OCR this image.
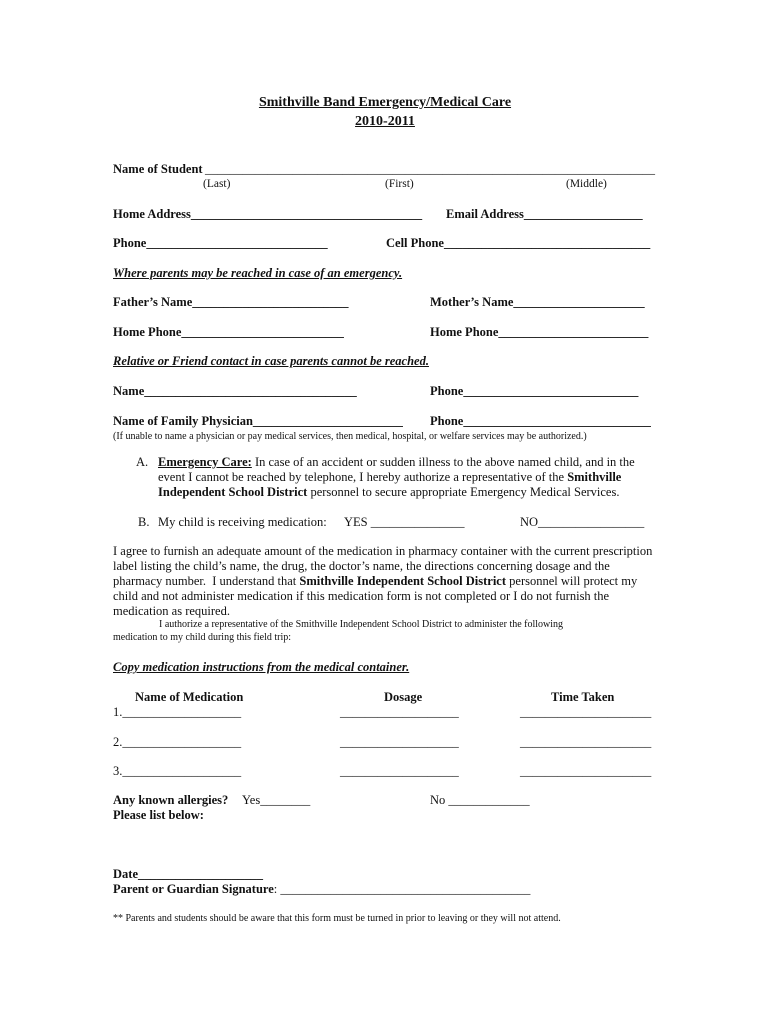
Smithville Band Emergency/Medical Care
2010-2011
Name of Student ________________________________________________________________________
(Last)	(First)	(Middle)
Home Address_____________________________________ Email Address___________________
Phone_____________________________	Cell Phone_________________________________
Where parents may be reached in case of an emergency.
Father’s Name_________________________	Mother’s Name_____________________
Home Phone__________________________	Home Phone________________________
Relative or Friend contact in case parents cannot be reached.
Name__________________________________	Phone____________________________
Name of Family Physician________________________ Phone______________________________
(If unable to name a physician or pay medical services, then medical, hospital, or welfare services may be authorized.)
A. Emergency Care: In case of an accident or sudden illness to the above named child, and in the
event I cannot be reached by telephone, I hereby authorize a representative of the Smithville
Independent School District personnel to secure appropriate Emergency Medical Services.
B. My child is receiving medication: YES _______________	NO_________________
I agree to furnish an adequate amount of the medication in pharmacy container with the current prescription
label listing the child’s name, the drug, the doctor’s name, the directions concerning dosage and the
pharmacy number.  I understand that Smithville Independent School District personnel will protect my
child and not administer medication if this medication form is not completed or I do not furnish the
medication as required.
I authorize a representative of the Smithville Independent School District to administer the following
medication to my child during this field trip:
Copy medication instructions from the medical container.
Name of Medication	Dosage	Time Taken
1.___________________	___________________	_____________________
2.___________________	___________________	_____________________
3.___________________	___________________	_____________________
Any known allergies? Yes________	No _____________
Please list below:
Date____________________
Parent or Guardian Signature: ________________________________________
** Parents and students should be aware that this form must be turned in prior to leaving or they will not attend.
